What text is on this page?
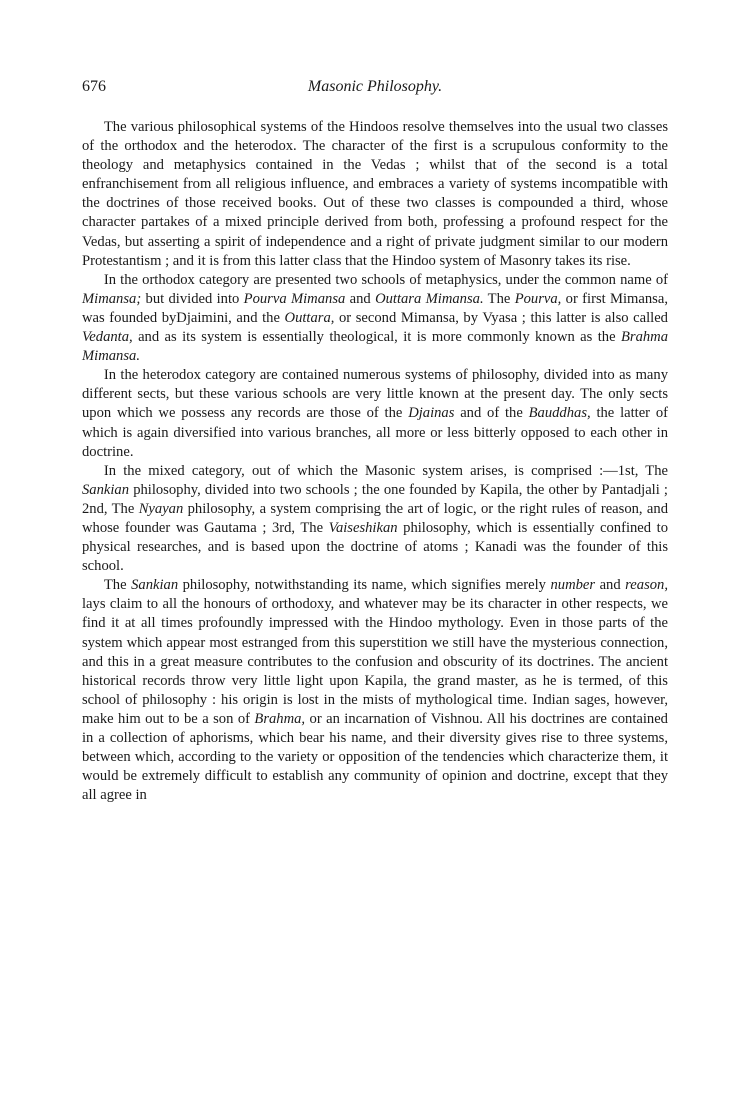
676	Masonic Philosophy.

The various philosophical systems of the Hindoos resolve themselves into the usual two classes of the orthodox and the heterodox. The character of the first is a scrupulous conformity to the theology and metaphysics contained in the Vedas ; whilst that of the second is a total enfranchisement from all religious influence, and embraces a variety of systems incompatible with the doctrines of those received books. Out of these two classes is compounded a third, whose character partakes of a mixed principle derived from both, professing a profound respect for the Vedas, but asserting a spirit of independence and a right of private judgment similar to our modern Protestantism ; and it is from this latter class that the Hindoo system of Masonry takes its rise.

In the orthodox category are presented two schools of metaphysics, under the common name of Mimansa; but divided into Pourva Mimansa and Outtara Mimansa. The Pourva, or first Mimansa, was founded byDjaimini, and the Outtara, or second Mimansa, by Vyasa ; this latter is also called Vedanta, and as its system is essentially theological, it is more commonly known as the Brahma Mimansa.

In the heterodox category are contained numerous systems of philosophy, divided into as many different sects, but these various schools are very little known at the present day. The only sects upon which we possess any records are those of the Djainas and of the Bauddhas, the latter of which is again diversified into various branches, all more or less bitterly opposed to each other in doctrine.

In the mixed category, out of which the Masonic system arises, is comprised :—1st, The Sankian philosophy, divided into two schools ; the one founded by Kapila, the other by Pantadjali ; 2nd, The Nyayan philosophy, a system comprising the art of logic, or the right rules of reason, and whose founder was Gautama ; 3rd, The Vaiseshikan philosophy, which is essentially confined to physical researches, and is based upon the doctrine of atoms ; Kanadi was the founder of this school.

The Sankian philosophy, notwithstanding its name, which signifies merely number and reason, lays claim to all the honours of orthodoxy, and whatever may be its character in other respects, we find it at all times profoundly impressed with the Hindoo mythology. Even in those parts of the system which appear most estranged from this superstition we still have the mysterious connection, and this in a great measure contributes to the confusion and obscurity of its doctrines. The ancient historical records throw very little light upon Kapila, the grand master, as he is termed, of this school of philosophy : his origin is lost in the mists of mythological time. Indian sages, however, make him out to be a son of Brahma, or an incarnation of Vishnou. All his doctrines are contained in a collection of aphorisms, which bear his name, and their diversity gives rise to three systems, between which, according to the variety or opposition of the tendencies which characterize them, it would be extremely difficult to establish any community of opinion and doctrine, except that they all agree in
